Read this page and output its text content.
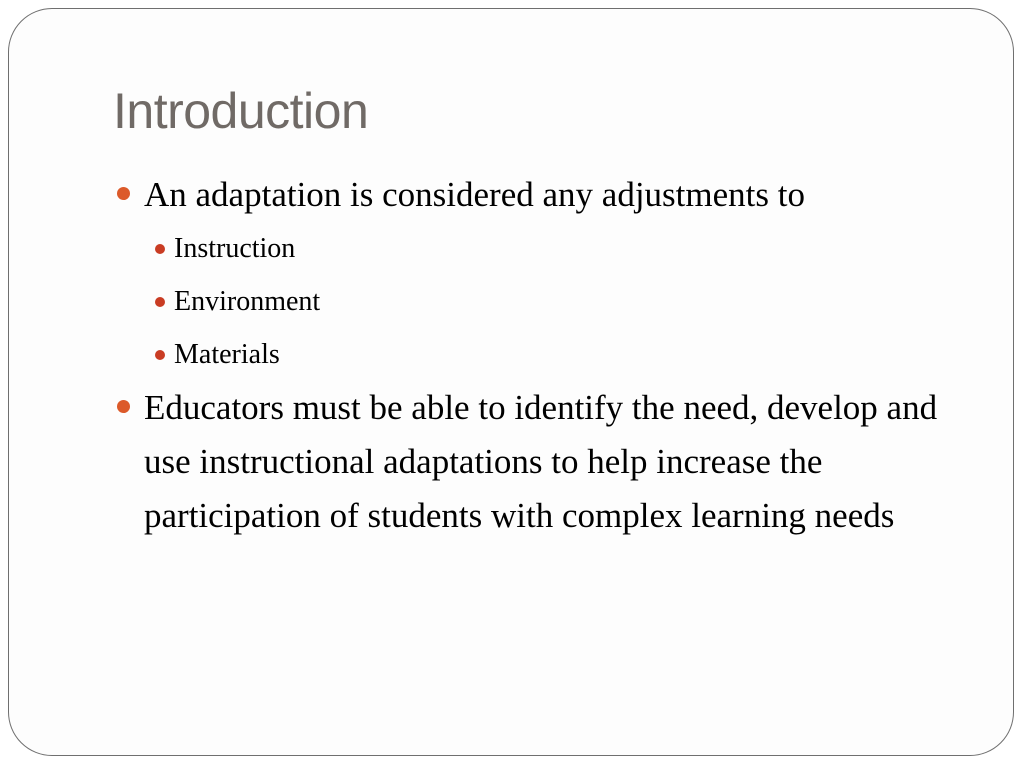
Introduction
An adaptation is considered any adjustments to
Instruction
Environment
Materials
Educators must be able to identify the need, develop and use instructional adaptations to help increase the participation of students with complex learning needs
